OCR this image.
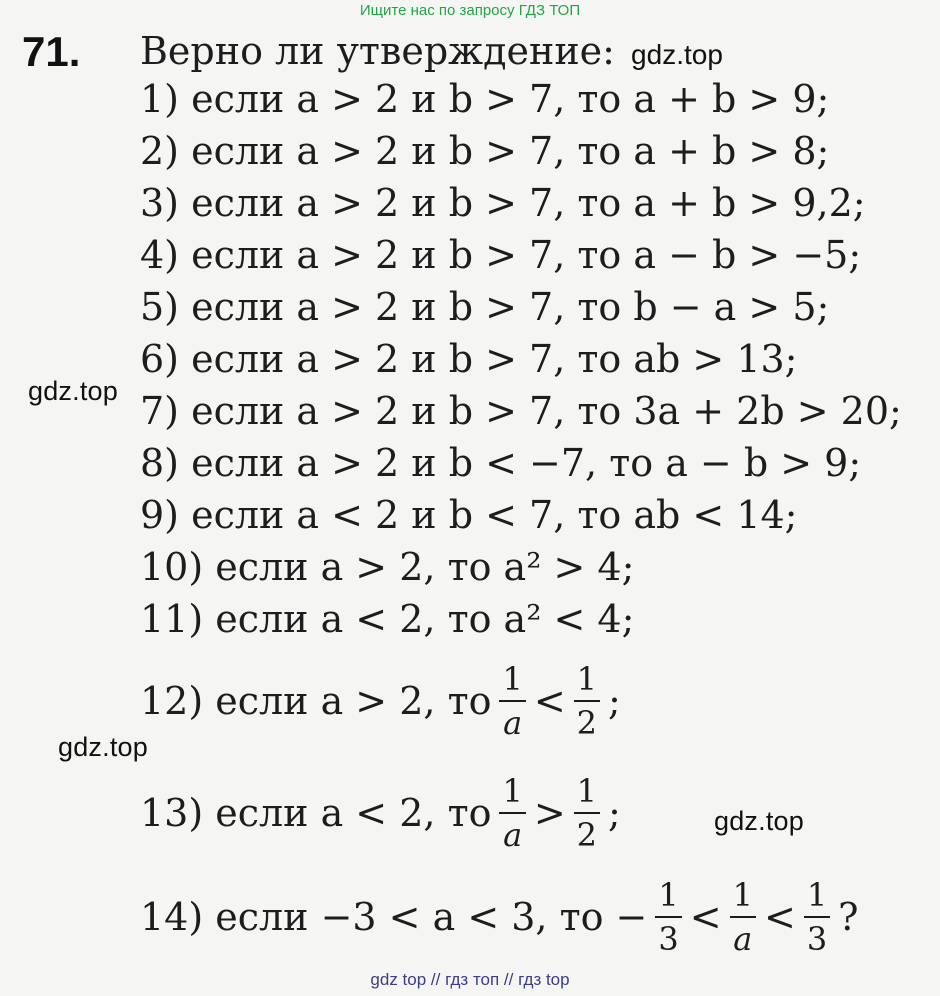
Ищите нас по запросу ГДЗ ТОП
71. Верно ли утверждение: gdz.top
1) если a > 2 и b > 7, то a + b > 9;
2) если a > 2 и b > 7, то a + b > 8;
3) если a > 2 и b > 7, то a + b > 9,2;
4) если a > 2 и b > 7, то a − b > −5;
5) если a > 2 и b > 7, то b − a > 5;
6) если a > 2 и b > 7, то ab > 13;
7) если a > 2 и b > 7, то 3a + 2b > 20;
8) если a > 2 и b < −7, то a − b > 9;
9) если a < 2 и b < 7, то ab < 14;
10) если a > 2, то a² > 4;
11) если a < 2, то a² < 4;
12) если a > 2, то $\frac{1}{a} < \frac{1}{2}$ ;
13) если a < 2, то $\frac{1}{a} > \frac{1}{2}$ ;
14) если −3 < a < 3, то − $\frac{1}{3} < \frac{1}{a} < \frac{1}{3}$ ?
gdz.top
gdz.top
gdz.top
gdz top // гдз топ // гдз top
